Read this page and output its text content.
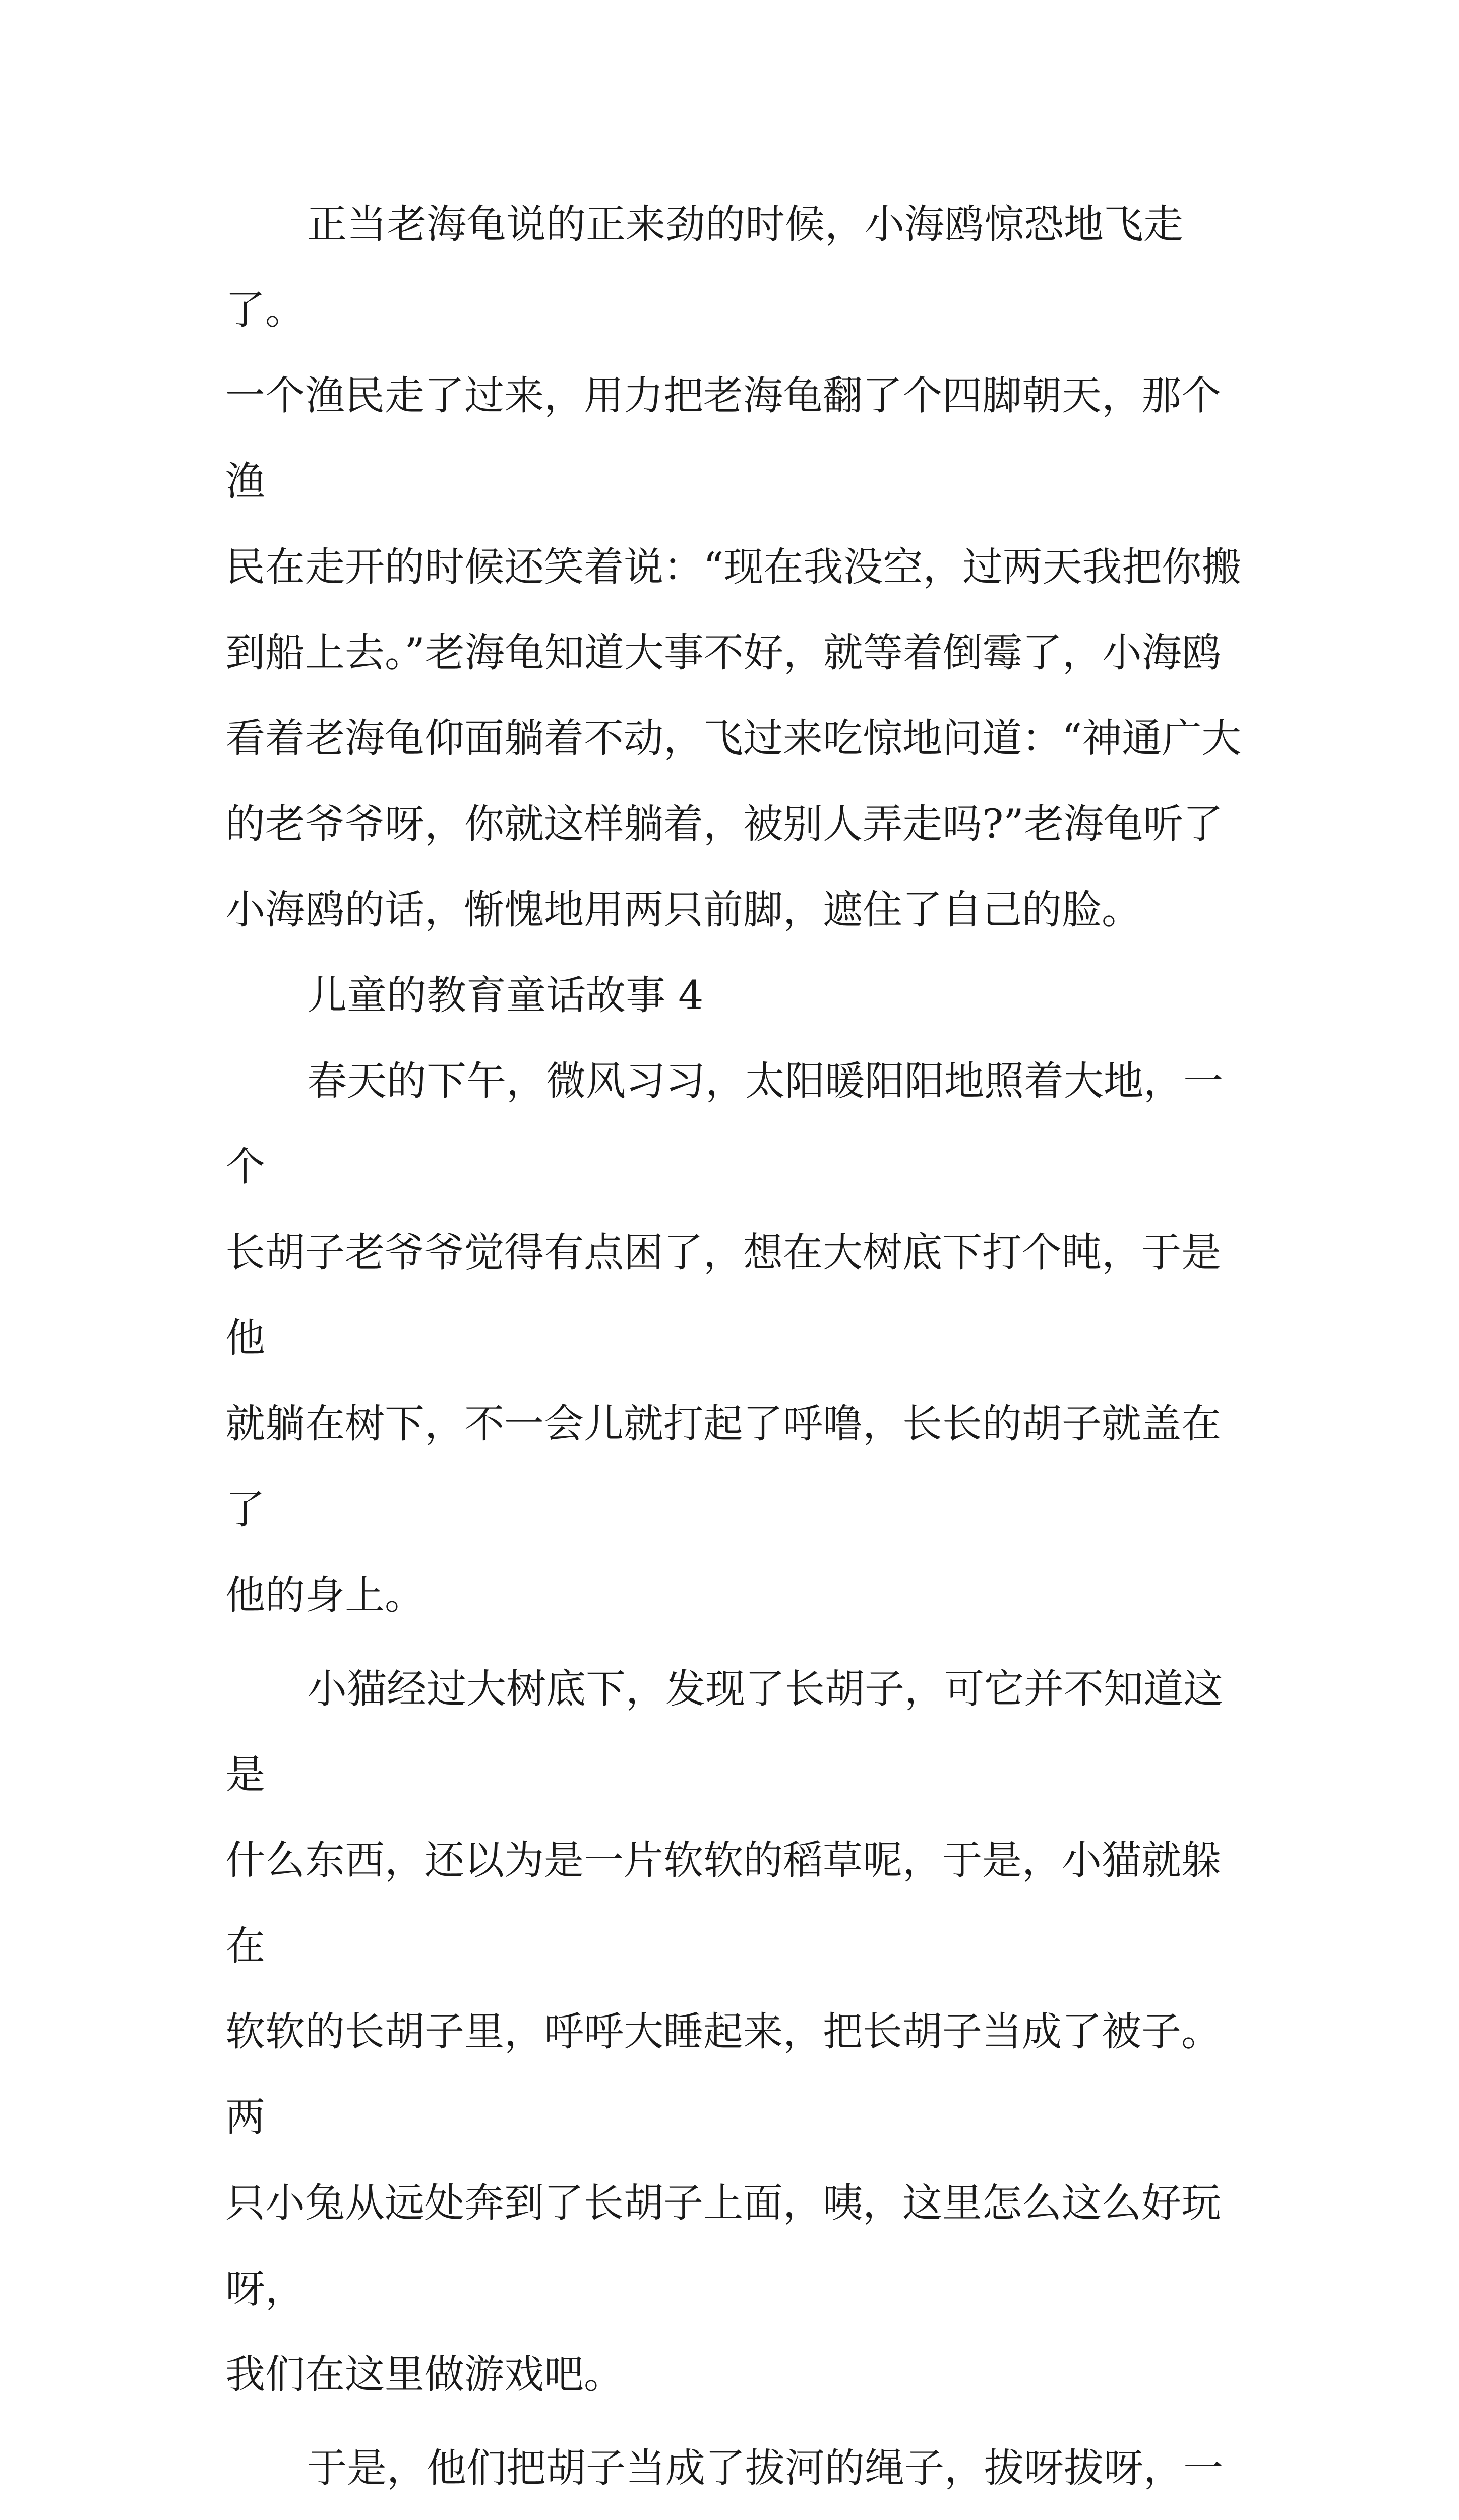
正当老海龟说的正来劲的时候，小海鸥惊恐地飞走了。
一个渔民走了过来，用力把老海龟翻了个四脚朝天，那个渔
民在走开的时候还笑着说：“现在我没空，过两天我把你搬
到船上去。”老海龟知道大事不好，就等着倒霉了，小海鸥
看着老海龟仰面躺着不动，飞过来吃惊地问道：“神通广大
的老爷爷呀，你就这样躺着，被别人弄走吗?”老海龟听了
小海鸥的话，惭愧地用两只前脚，遮住了自己的脸。

儿童的教育童话故事 4

春天的下午，微风习习，太阳暖阳阳地照着大地，一个
长胡子老爷爷觉得有点困了，想在大树底下打个盹，于是他
就躺在树下，不一会儿就打起了呼噜，长长的胡子就盖在了
他的身上。

小猫经过大树底下，发现了长胡子，可它并不知道这是
什么东西，还以为是一片软软的稻草呢，于是，小猫就躲在
软软的长胡子里，呼呼大睡起来，把长胡子当成了被子。两
只小兔从远处奔到了长胡子上面，咦，这里怎么这么好玩呀，
我们在这里做游戏吧。

于是，他们把胡子当成了拔河的绳子，拔呀拔呀，一
